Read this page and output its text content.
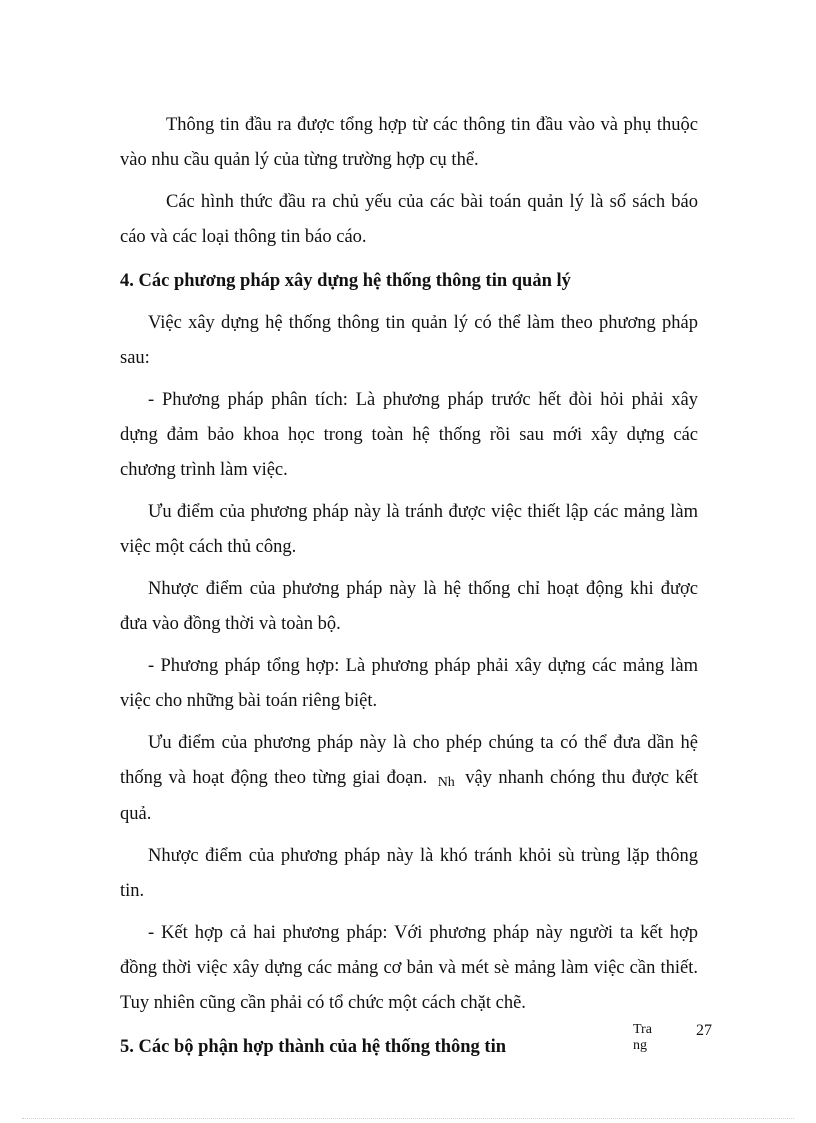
Thông tin đầu ra được tổng hợp từ các thông tin đầu vào và phụ thuộc vào nhu cầu quản lý của từng trường hợp cụ thể.

Các hình thức đầu ra chủ yếu của các bài toán quản lý là sổ sách báo cáo và các loại thông tin báo cáo.

4. Các phương pháp xây dựng hệ thống thông tin quản lý

Việc xây dựng hệ thống thông tin quản lý có thể làm theo phương pháp sau:

- Phương pháp phân tích: Là phương pháp trước hết đòi hỏi phải xây dựng đảm bảo khoa học trong toàn hệ thống rồi sau mới xây dựng các chương trình làm việc.

Ưu điểm của phương pháp này là tránh được việc thiết lập các mảng làm việc một cách thủ công.

Nhược điểm của phương pháp này là hệ thống chỉ hoạt động khi được đưa vào đồng thời và toàn bộ.

- Phương pháp tổng hợp: Là phương pháp phải xây dựng các mảng làm việc cho những bài toán riêng biệt.

Ưu điểm của phương pháp này là cho phép chúng ta có thể đưa dần hệ thống và hoạt động theo từng giai đoạn. Nh vậy nhanh chóng thu được kết quả.

Nhược điểm của phương pháp này là khó tránh khỏi sù trùng lặp thông tin.

- Kết hợp cả hai phương pháp: Với phương pháp này người ta kết hợp đồng thời việc xây dựng các mảng cơ bản và mét sè mảng làm việc cần thiết. Tuy nhiên cũng cần phải có tổ chức một cách chặt chẽ.

5. Các bộ phận hợp thành của hệ thống thông tin
Trang
27
